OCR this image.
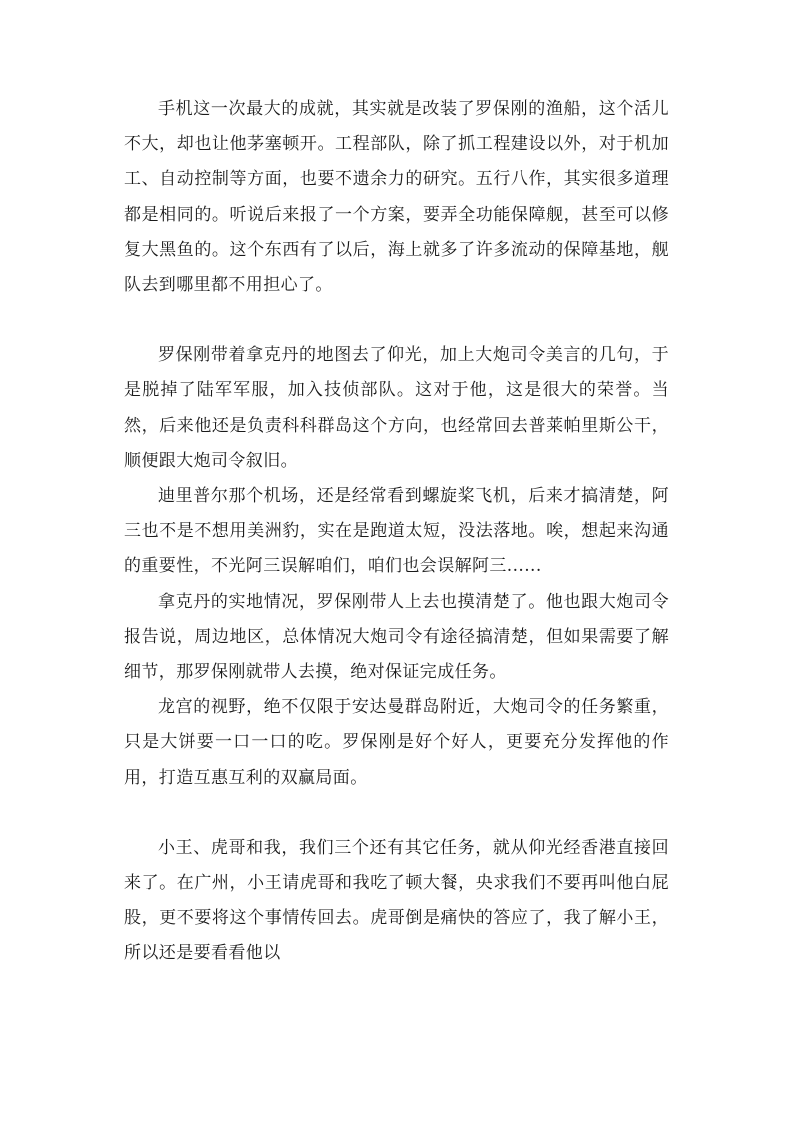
手机这一次最大的成就，其实就是改装了罗保刚的渔船，这个活儿不大，却也让他茅塞顿开。工程部队，除了抓工程建设以外，对于机加工、自动控制等方面，也要不遗余力的研究。五行八作，其实很多道理都是相同的。听说后来报了一个方案，要弄全功能保障舰，甚至可以修复大黑鱼的。这个东西有了以后，海上就多了许多流动的保障基地，舰队去到哪里都不用担心了。

罗保刚带着拿克丹的地图去了仰光，加上大炮司令美言的几句，于是脱掉了陆军军服，加入技侦部队。这对于他，这是很大的荣誉。当然，后来他还是负责科科群岛这个方向，也经常回去普莱帕里斯公干，顺便跟大炮司令叙旧。

迪里普尔那个机场，还是经常看到螺旋桨飞机，后来才搞清楚，阿三也不是不想用美洲豹，实在是跑道太短，没法落地。唉，想起来沟通的重要性，不光阿三误解咱们，咱们也会误解阿三......

拿克丹的实地情况，罗保刚带人上去也摸清楚了。他也跟大炮司令报告说，周边地区，总体情况大炮司令有途径搞清楚，但如果需要了解细节，那罗保刚就带人去摸，绝对保证完成任务。

龙宫的视野，绝不仅限于安达曼群岛附近，大炮司令的任务繁重，只是大饼要一口一口的吃。罗保刚是好个好人，更要充分发挥他的作用，打造互惠互利的双赢局面。

小王、虎哥和我，我们三个还有其它任务，就从仰光经香港直接回来了。在广州，小王请虎哥和我吃了顿大餐，央求我们不要再叫他白屁股，更不要将这个事情传回去。虎哥倒是痛快的答应了，我了解小王，所以还是要看看他以
